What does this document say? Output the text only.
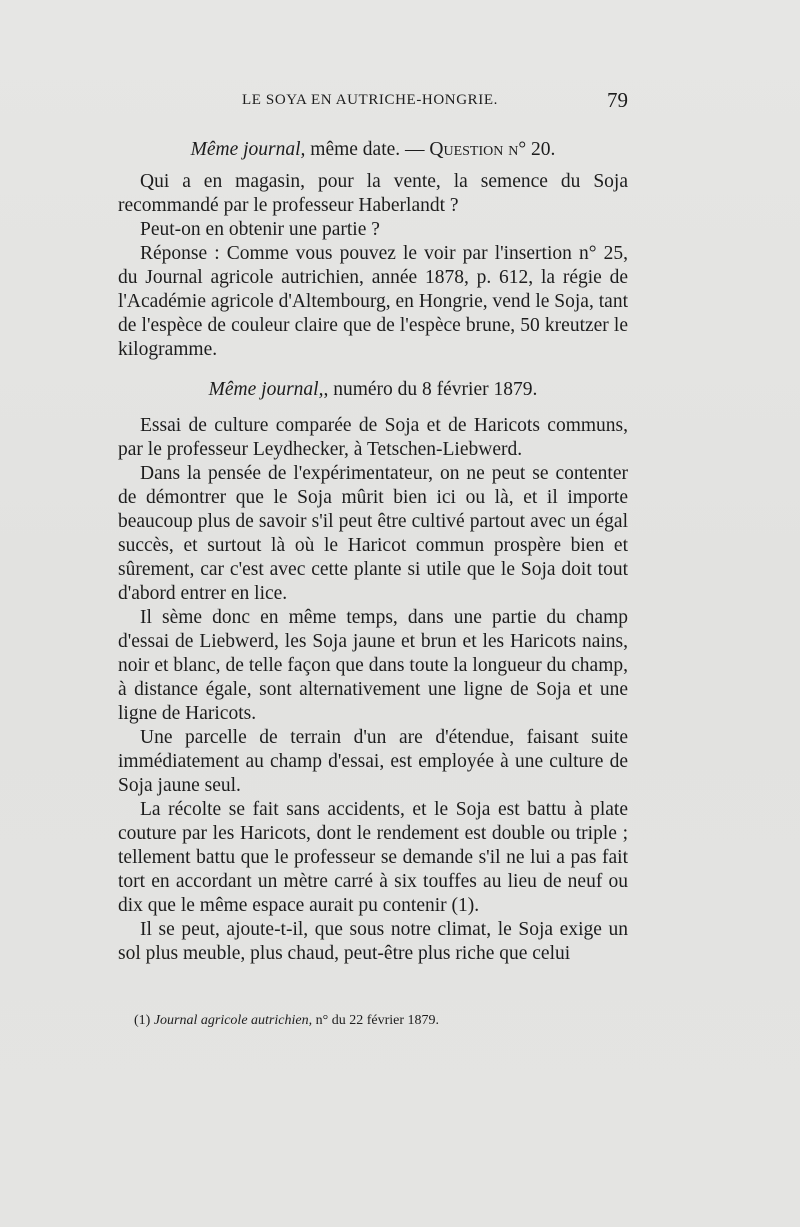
LE SOYA EN AUTRICHE-HONGRIE.	79

Même journal, même date. — Question n° 20.

Qui a en magasin, pour la vente, la semence du Soja recommandé par le professeur Haberlandt ?

Peut-on en obtenir une partie ?

Réponse : Comme vous pouvez le voir par l'insertion n° 25, du Journal agricole autrichien, année 1878, p. 612, la régie de l'Académie agricole d'Altembourg, en Hongrie, vend le Soja, tant de l'espèce de couleur claire que de l'espèce brune, 50 kreutzer le kilogramme.

Même journal,, numéro du 8 février 1879.

Essai de culture comparée de Soja et de Haricots communs, par le professeur Leydhecker, à Tetschen-Liebwerd.

Dans la pensée de l'expérimentateur, on ne peut se contenter de démontrer que le Soja mûrit bien ici ou là, et il importe beaucoup plus de savoir s'il peut être cultivé partout avec un égal succès, et surtout là où le Haricot commun prospère bien et sûrement, car c'est avec cette plante si utile que le Soja doit tout d'abord entrer en lice.

Il sème donc en même temps, dans une partie du champ d'essai de Liebwerd, les Soja jaune et brun et les Haricots nains, noir et blanc, de telle façon que dans toute la longueur du champ, à distance égale, sont alternativement une ligne de Soja et une ligne de Haricots.

Une parcelle de terrain d'un are d'étendue, faisant suite immédiatement au champ d'essai, est employée à une culture de Soja jaune seul.

La récolte se fait sans accidents, et le Soja est battu à plate couture par les Haricots, dont le rendement est double ou triple ; tellement battu que le professeur se demande s'il ne lui a pas fait tort en accordant un mètre carré à six touffes au lieu de neuf ou dix que le même espace aurait pu contenir (1).

Il se peut, ajoute-t-il, que sous notre climat, le Soja exige un sol plus meuble, plus chaud, peut-être plus riche que celui

(1) Journal agricole autrichien, n° du 22 février 1879.
